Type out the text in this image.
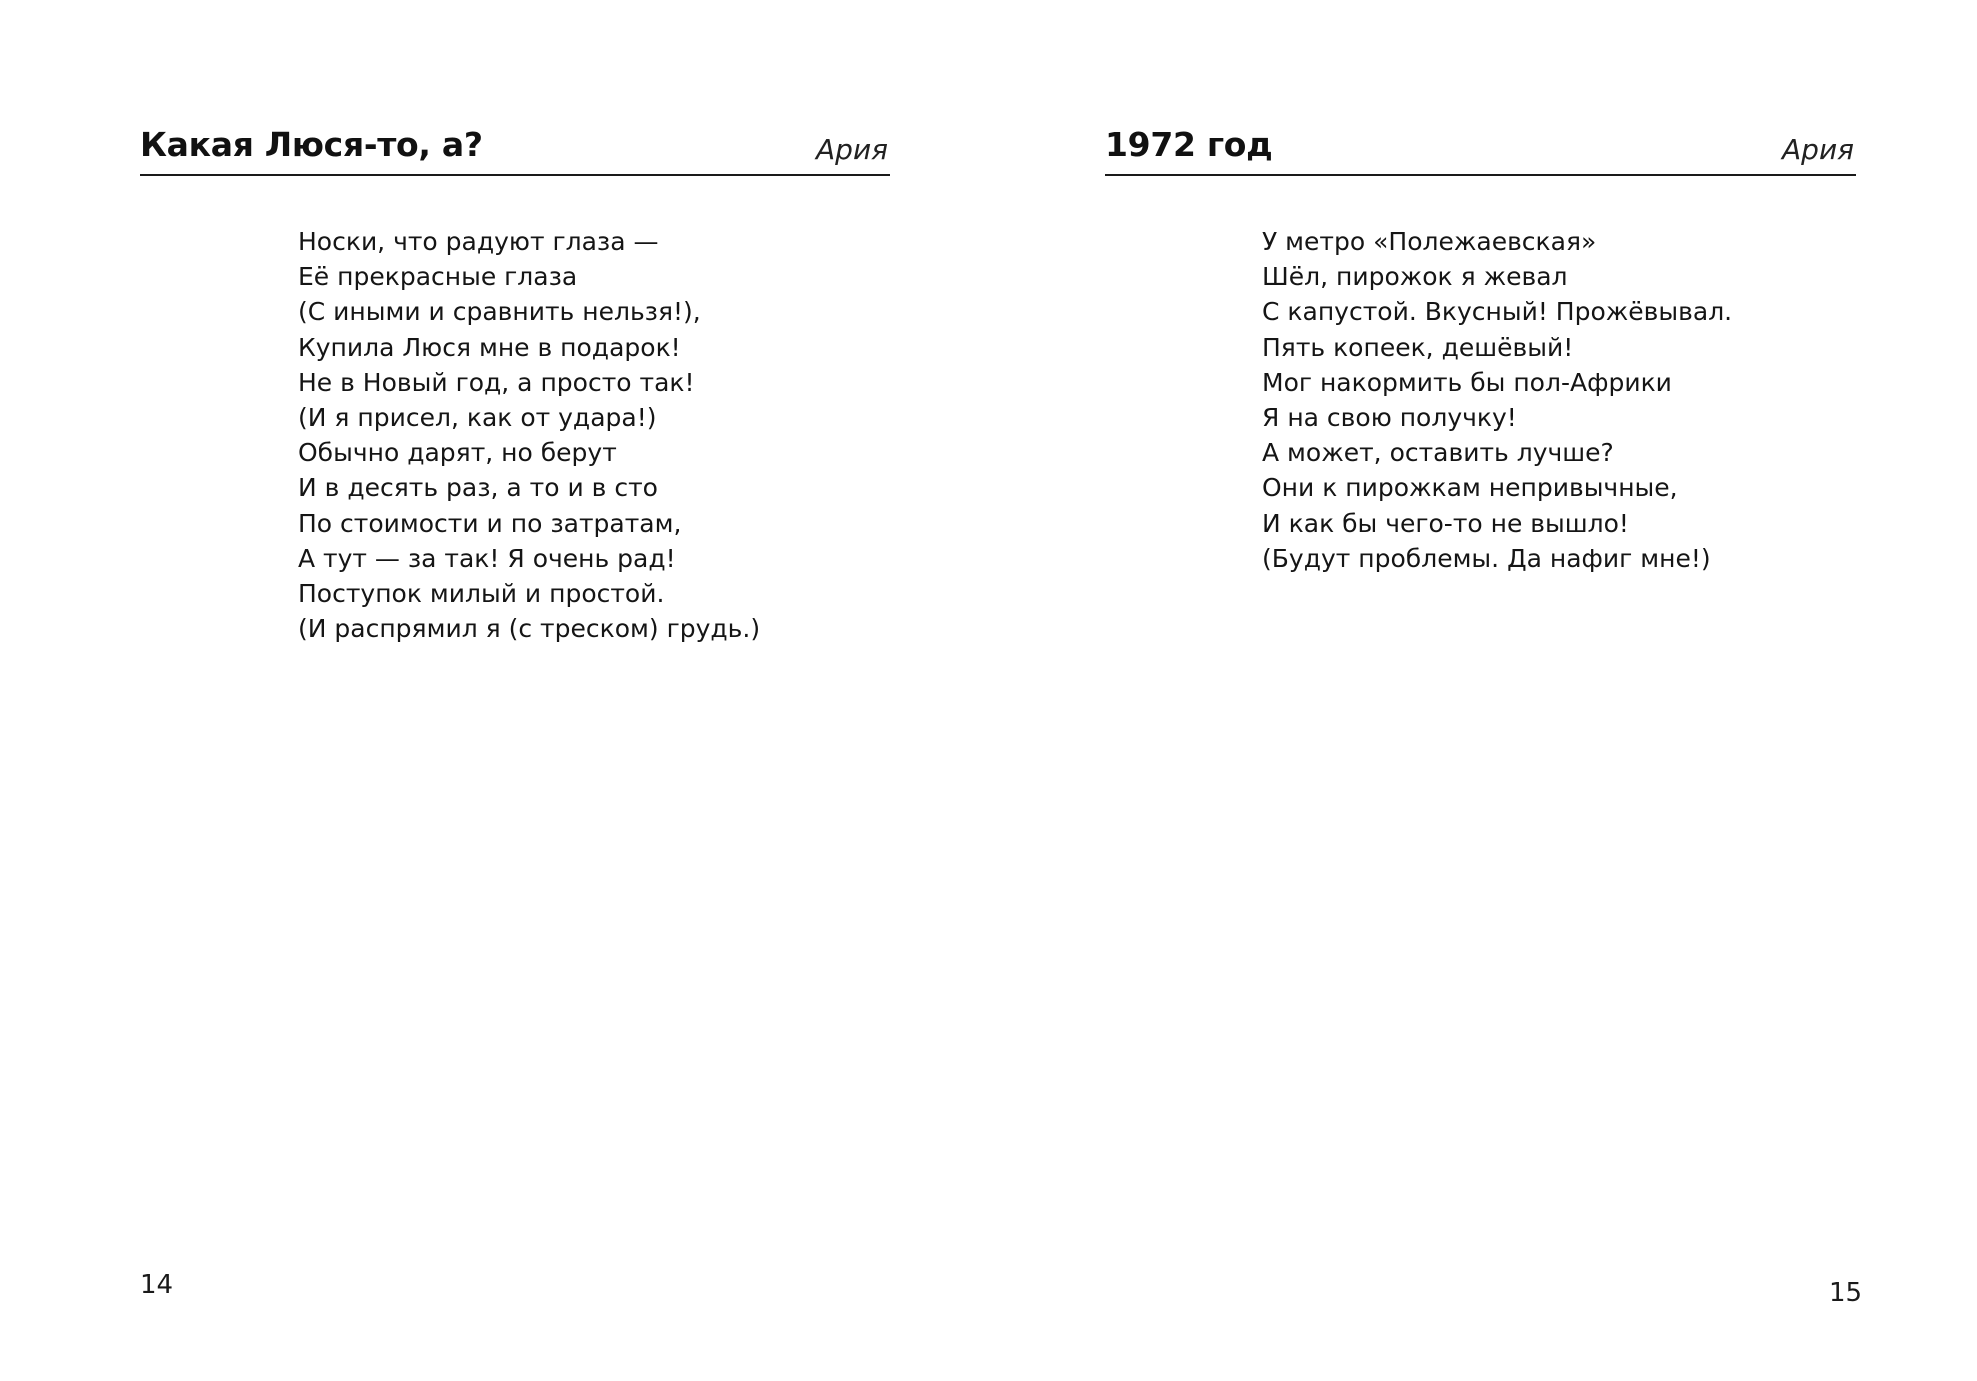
Какая Люся-то, а?	Ария
Носки, что радуют глаза —
Её прекрасные глаза
(С иными и сравнить нельзя!),
Купила Люся мне в подарок!
Не в Новый год, а просто так!
(И я присел, как от удара!)
Обычно дарят, но берут
И в десять раз, а то и в сто
По стоимости и по затратам,
А тут — за так! Я очень рад!
Поступок милый и простой.
(И распрямил я (с треском) грудь.)
14
1972 год	Ария
У метро «Полежаевская»
Шёл, пирожок я жевал
С капустой. Вкусный! Прожёвывал.
Пять копеек, дешёвый!
Мог накормить бы пол-Африки
Я на свою получку!
А может, оставить лучше?
Они к пирожкам непривычные,
И как бы чего-то не вышло!
(Будут проблемы. Да нафиг мне!)
15
